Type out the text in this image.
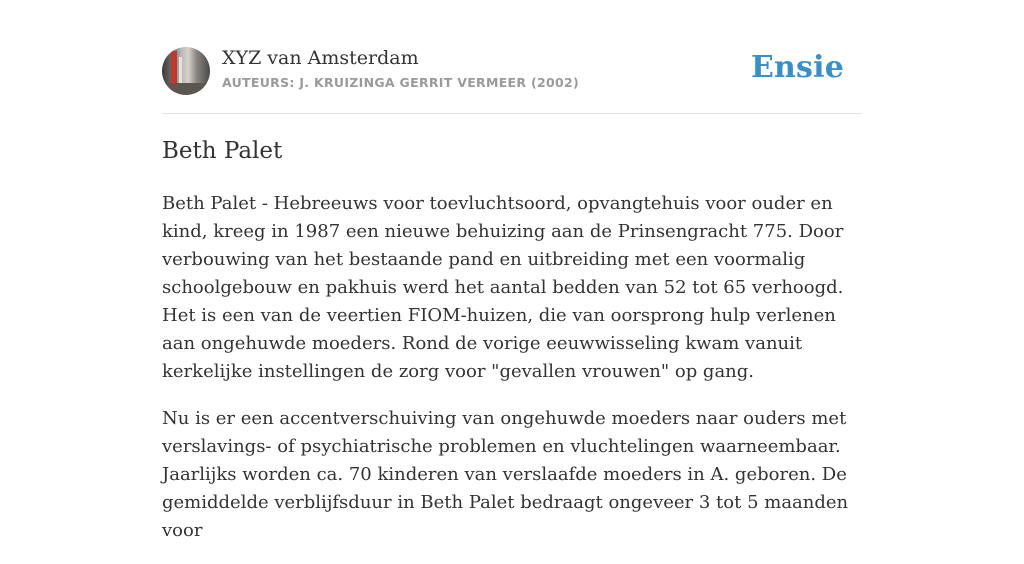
XYZ van Amsterdam
AUTEURS: J. KRUIZINGA GERRIT VERMEER (2002)	Ensie
Beth Palet

Beth Palet - Hebreeuws voor toevluchtsoord, opvangtehuis voor ouder en kind, kreeg in 1987 een nieuwe behuizing aan de Prinsengracht 775. Door verbouwing van het bestaande pand en uitbreiding met een voormalig schoolgebouw en pakhuis werd het aantal bedden van 52 tot 65 verhoogd. Het is een van de veertien FIOM-huizen, die van oorsprong hulp verlenen aan ongehuwde moeders. Rond de vorige eeuwwisseling kwam vanuit kerkelijke instellingen de zorg voor "gevallen vrouwen" op gang.

Nu is er een accentverschuiving van ongehuwde moeders naar ouders met verslavings- of psychiatrische problemen en vluchtelingen waarneembaar. Jaarlijks worden ca. 70 kinderen van verslaafde moeders in A. geboren. De gemiddelde verblijfsduur in Beth Palet bedraagt ongeveer 3 tot 5 maanden voor
